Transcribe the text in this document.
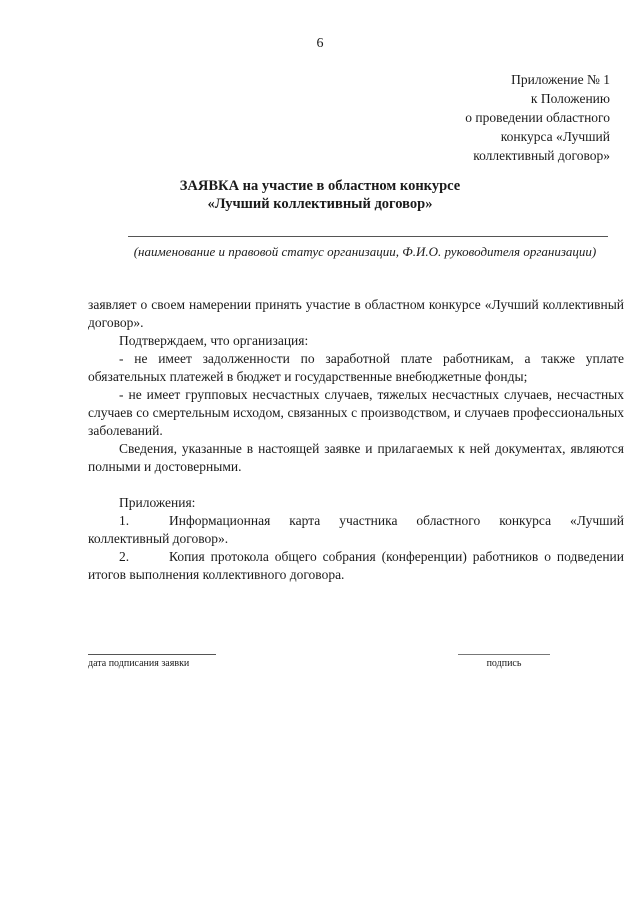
6
Приложение № 1
к Положению
о проведении областного
конкурса «Лучший
коллективный договор»
ЗАЯВКА на участие в областном конкурсе
«Лучший коллективный договор»
(наименование и правовой статус организации, Ф.И.О. руководителя организации)

заявляет о своем намерении принять участие в областном конкурсе «Лучший коллективный договор».

Подтверждаем, что организация:

- не имеет задолженности по заработной плате работникам, а также уплате обязательных платежей в бюджет и государственные внебюджетные фонды;

- не имеет групповых несчастных случаев, тяжелых несчастных случаев, несчастных случаев со смертельным исходом, связанных с производством, и случаев профессиональных заболеваний.

Сведения, указанные в настоящей заявке и прилагаемых к ней документах, являются полными и достоверными.

Приложения:

1.	Информационная карта участника областного конкурса «Лучший коллективный договор».

2.	Копия протокола общего собрания (конференции) работников о подведении итогов выполнения коллективного договора.

дата подписания заявки	подпись
